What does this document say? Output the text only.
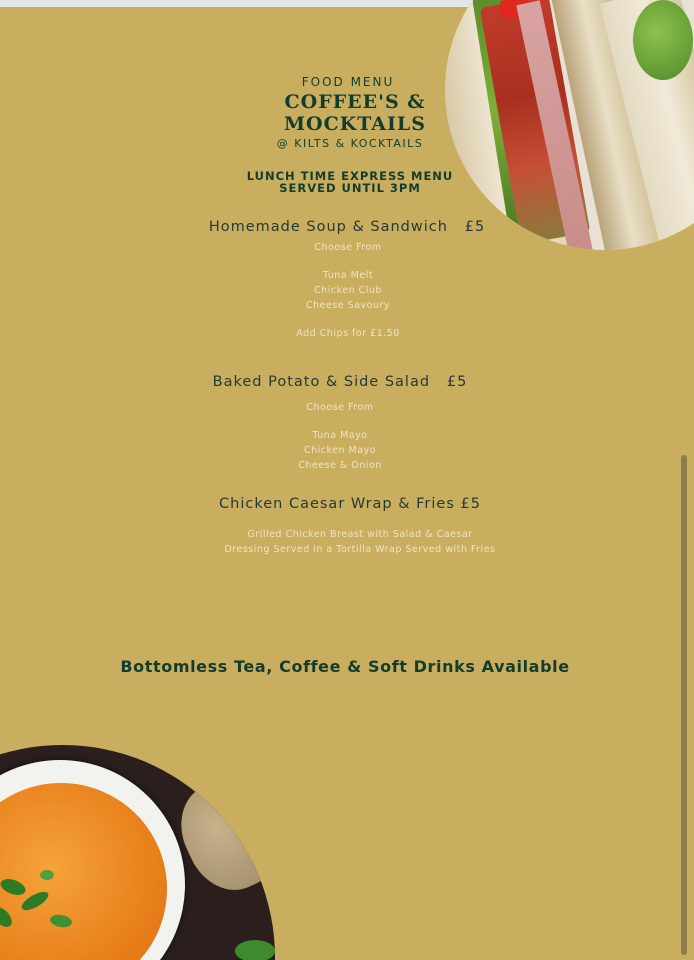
FOOD MENU
COFFEE'S &
MOCKTAILS
@ KILTS & KOCKTAILS
LUNCH TIME EXPRESS MENU
SERVED UNTIL 3PM
Homemade Soup & Sandwich   £5
Choose From
Tuna Melt
Chicken Club
Cheese Savoury
Add Chips for £1.50
Baked Potato & Side Salad   £5
Choose From
Tuna Mayo
Chicken Mayo
Cheese & Onion
Chicken Caesar Wrap & Fries £5
Grilled Chicken Breast with Salad & Caesar
Dressing Served in a Tortilla Wrap Served with Fries
Bottomless Tea, Coffee & Soft Drinks Available
